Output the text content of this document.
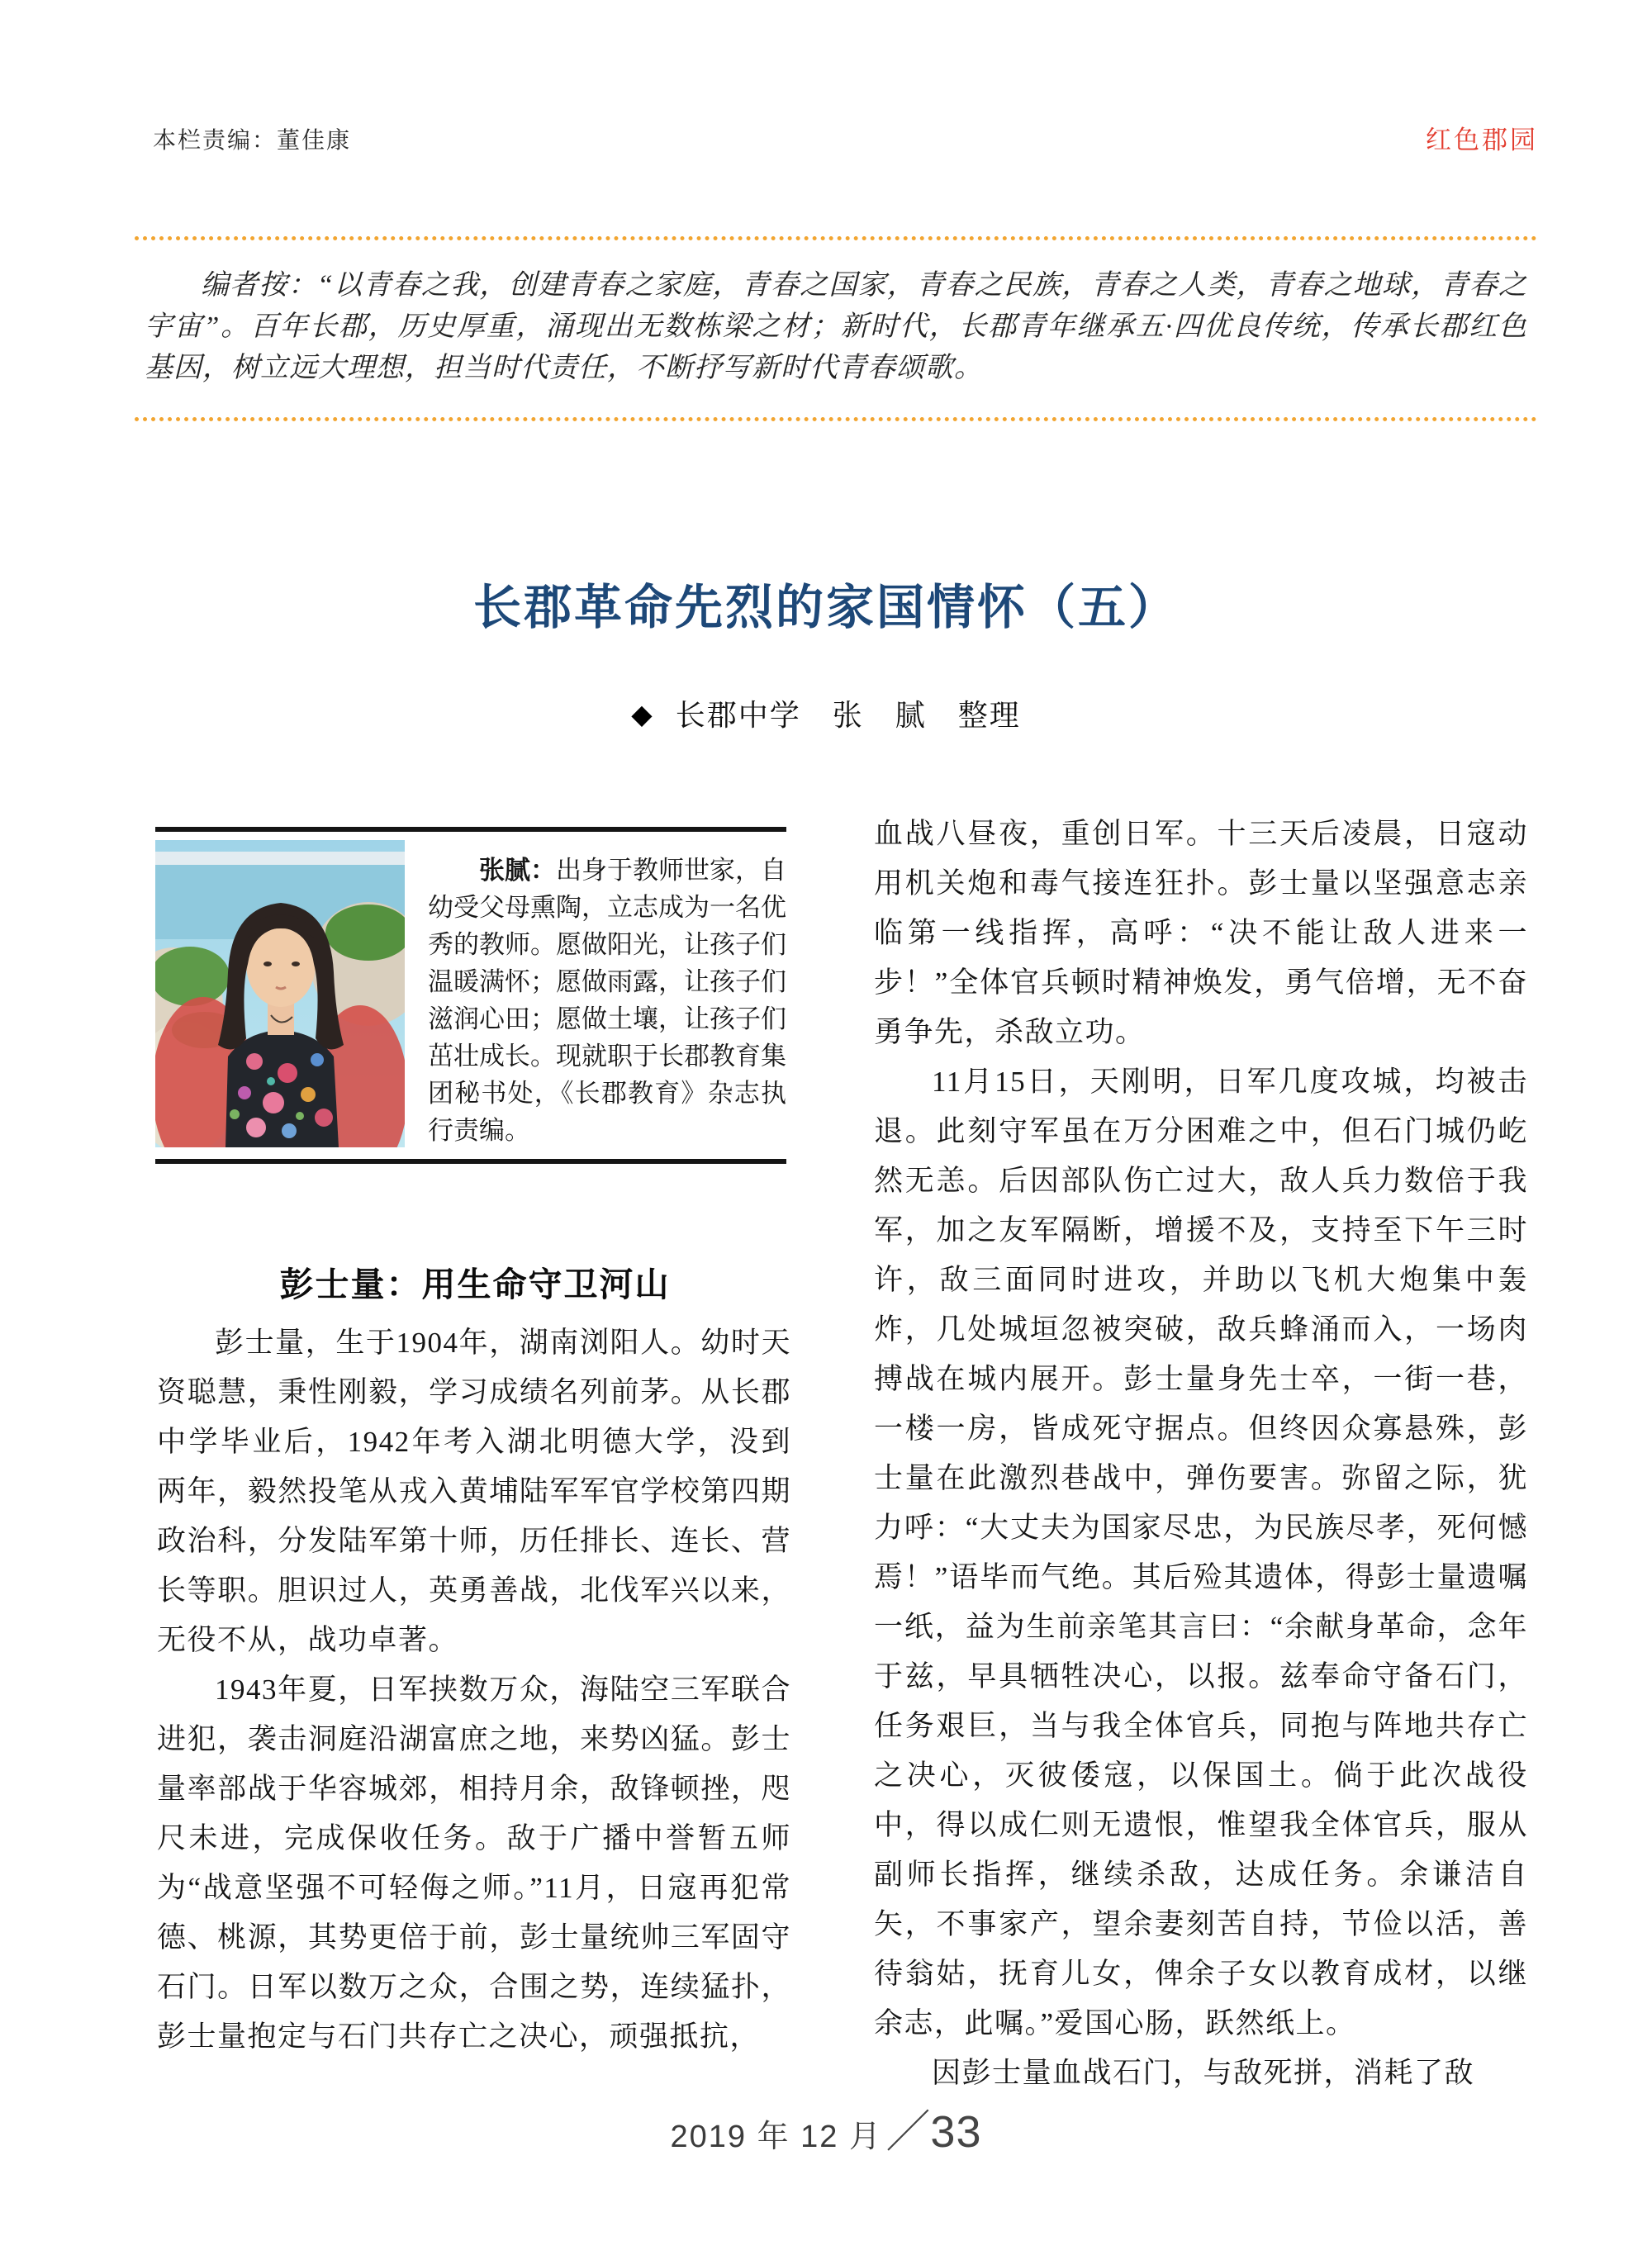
本栏责编：董佳康	红色郡园
编者按：“以青春之我，创建青春之家庭，青春之国家，青春之民族，青春之人类，青春之地球，青春之宇宙”。百年长郡，历史厚重，涌现出无数栋梁之材；新时代，长郡青年继承五·四优良传统，传承长郡红色基因，树立远大理想，担当时代责任，不断抒写新时代青春颂歌。
长郡革命先烈的家国情怀（五）
◆ 长郡中学　张　腻　整理
张腻：出身于教师世家，自幼受父母熏陶，立志成为一名优秀的教师。愿做阳光，让孩子们温暖满怀；愿做雨露，让孩子们滋润心田；愿做土壤，让孩子们茁壮成长。现就职于长郡教育集团秘书处，《长郡教育》杂志执行责编。
彭士量：用生命守卫河山

彭士量，生于1904年，湖南浏阳人。幼时天资聪慧，秉性刚毅，学习成绩名列前茅。从长郡中学毕业后，1942年考入湖北明德大学，没到两年，毅然投笔从戎入黄埔陆军军官学校第四期政治科，分发陆军第十师，历任排长、连长、营长等职。胆识过人，英勇善战，北伐军兴以来，无役不从，战功卓著。

1943年夏，日军挟数万众，海陆空三军联合进犯，袭击洞庭沿湖富庶之地，来势凶猛。彭士量率部战于华容城郊，相持月余，敌锋顿挫，咫尺未进，完成保收任务。敌于广播中誉暂五师为“战意坚强不可轻侮之师。”11月，日寇再犯常德、桃源，其势更倍于前，彭士量统帅三军固守石门。日军以数万之众，合围之势，连续猛扑，彭士量抱定与石门共存亡之决心，顽强抵抗，

血战八昼夜，重创日军。十三天后凌晨，日寇动用机关炮和毒气接连狂扑。彭士量以坚强意志亲临第一线指挥，高呼：“决不能让敌人进来一步！”全体官兵顿时精神焕发，勇气倍增，无不奋勇争先，杀敌立功。

11月15日，天刚明，日军几度攻城，均被击退。此刻守军虽在万分困难之中，但石门城仍屹然无恙。后因部队伤亡过大，敌人兵力数倍于我军，加之友军隔断，增援不及，支持至下午三时许，敌三面同时进攻，并助以飞机大炮集中轰炸，几处城垣忽被突破，敌兵蜂涌而入，一场肉搏战在城内展开。彭士量身先士卒，一街一巷，一楼一房，皆成死守据点。但终因众寡悬殊，彭士量在此激烈巷战中，弹伤要害。弥留之际，犹力呼：“大丈夫为国家尽忠，为民族尽孝，死何憾焉！”语毕而气绝。其后殓其遗体，得彭士量遗嘱一纸，益为生前亲笔其言曰：“余献身革命，念年于兹，早具牺牲决心，以报。兹奉命守备石门，任务艰巨，当与我全体官兵，同抱与阵地共存亡之决心，灭彼倭寇，以保国土。倘于此次战役中，得以成仁则无遗恨，惟望我全体官兵，服从副师长指挥，继续杀敌，达成任务。余谦洁自矢，不事家产，望余妻刻苦自持，节俭以活，善待翁姑，抚育儿女，俾余子女以教育成材，以继余志，此嘱。”爱国心肠，跃然纸上。

因彭士量血战石门，与敌死拼，消耗了敌

2019 年 12 月 ／33
